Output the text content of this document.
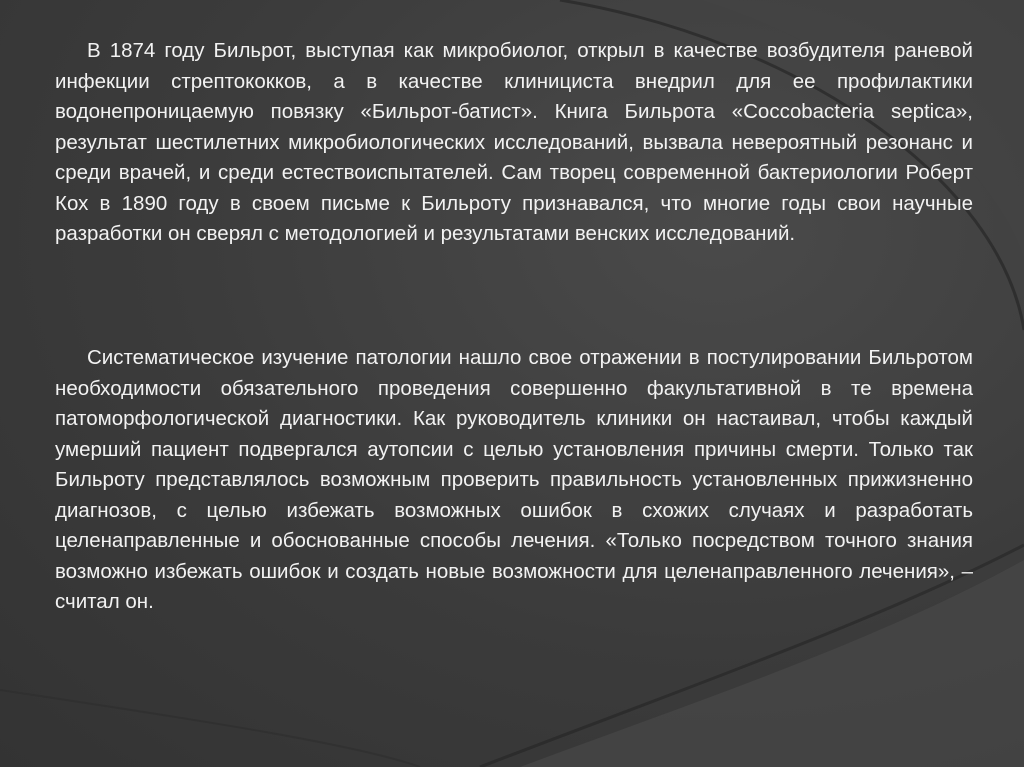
В 1874 году Бильрот, выступая как микробиолог, открыл в качестве возбудителя раневой инфекции стрептококков, а в качестве клинициста внедрил для ее профилактики водонепроницаемую повязку «Бильрот-батист». Книга Бильрота «Coccobacteria septica», результат шестилетних микробиологических исследований, вызвала невероятный резонанс и среди врачей, и среди естествоиспытателей. Сам творец современной бактериологии Роберт Кох в 1890 году в своем письме к Бильроту признавался, что многие годы свои научные разработки он сверял с методологией и результатами венских исследований.

Систематическое изучение патологии нашло свое отражении в постулировании Бильротом необходимости обязательного проведения совершенно факультативной в те времена патоморфологической диагностики. Как руководитель клиники он настаивал, чтобы каждый умерший пациент подвергался аутопсии с целью установления причины смерти. Только так Бильроту представлялось возможным проверить правильность установленных прижизненно диагнозов, с целью избежать возможных ошибок в схожих случаях и разработать целенаправленные и обоснованные способы лечения. «Только посредством точного знания возможно избежать ошибок и создать новые возможности для целенаправленного лечения», – считал он.
